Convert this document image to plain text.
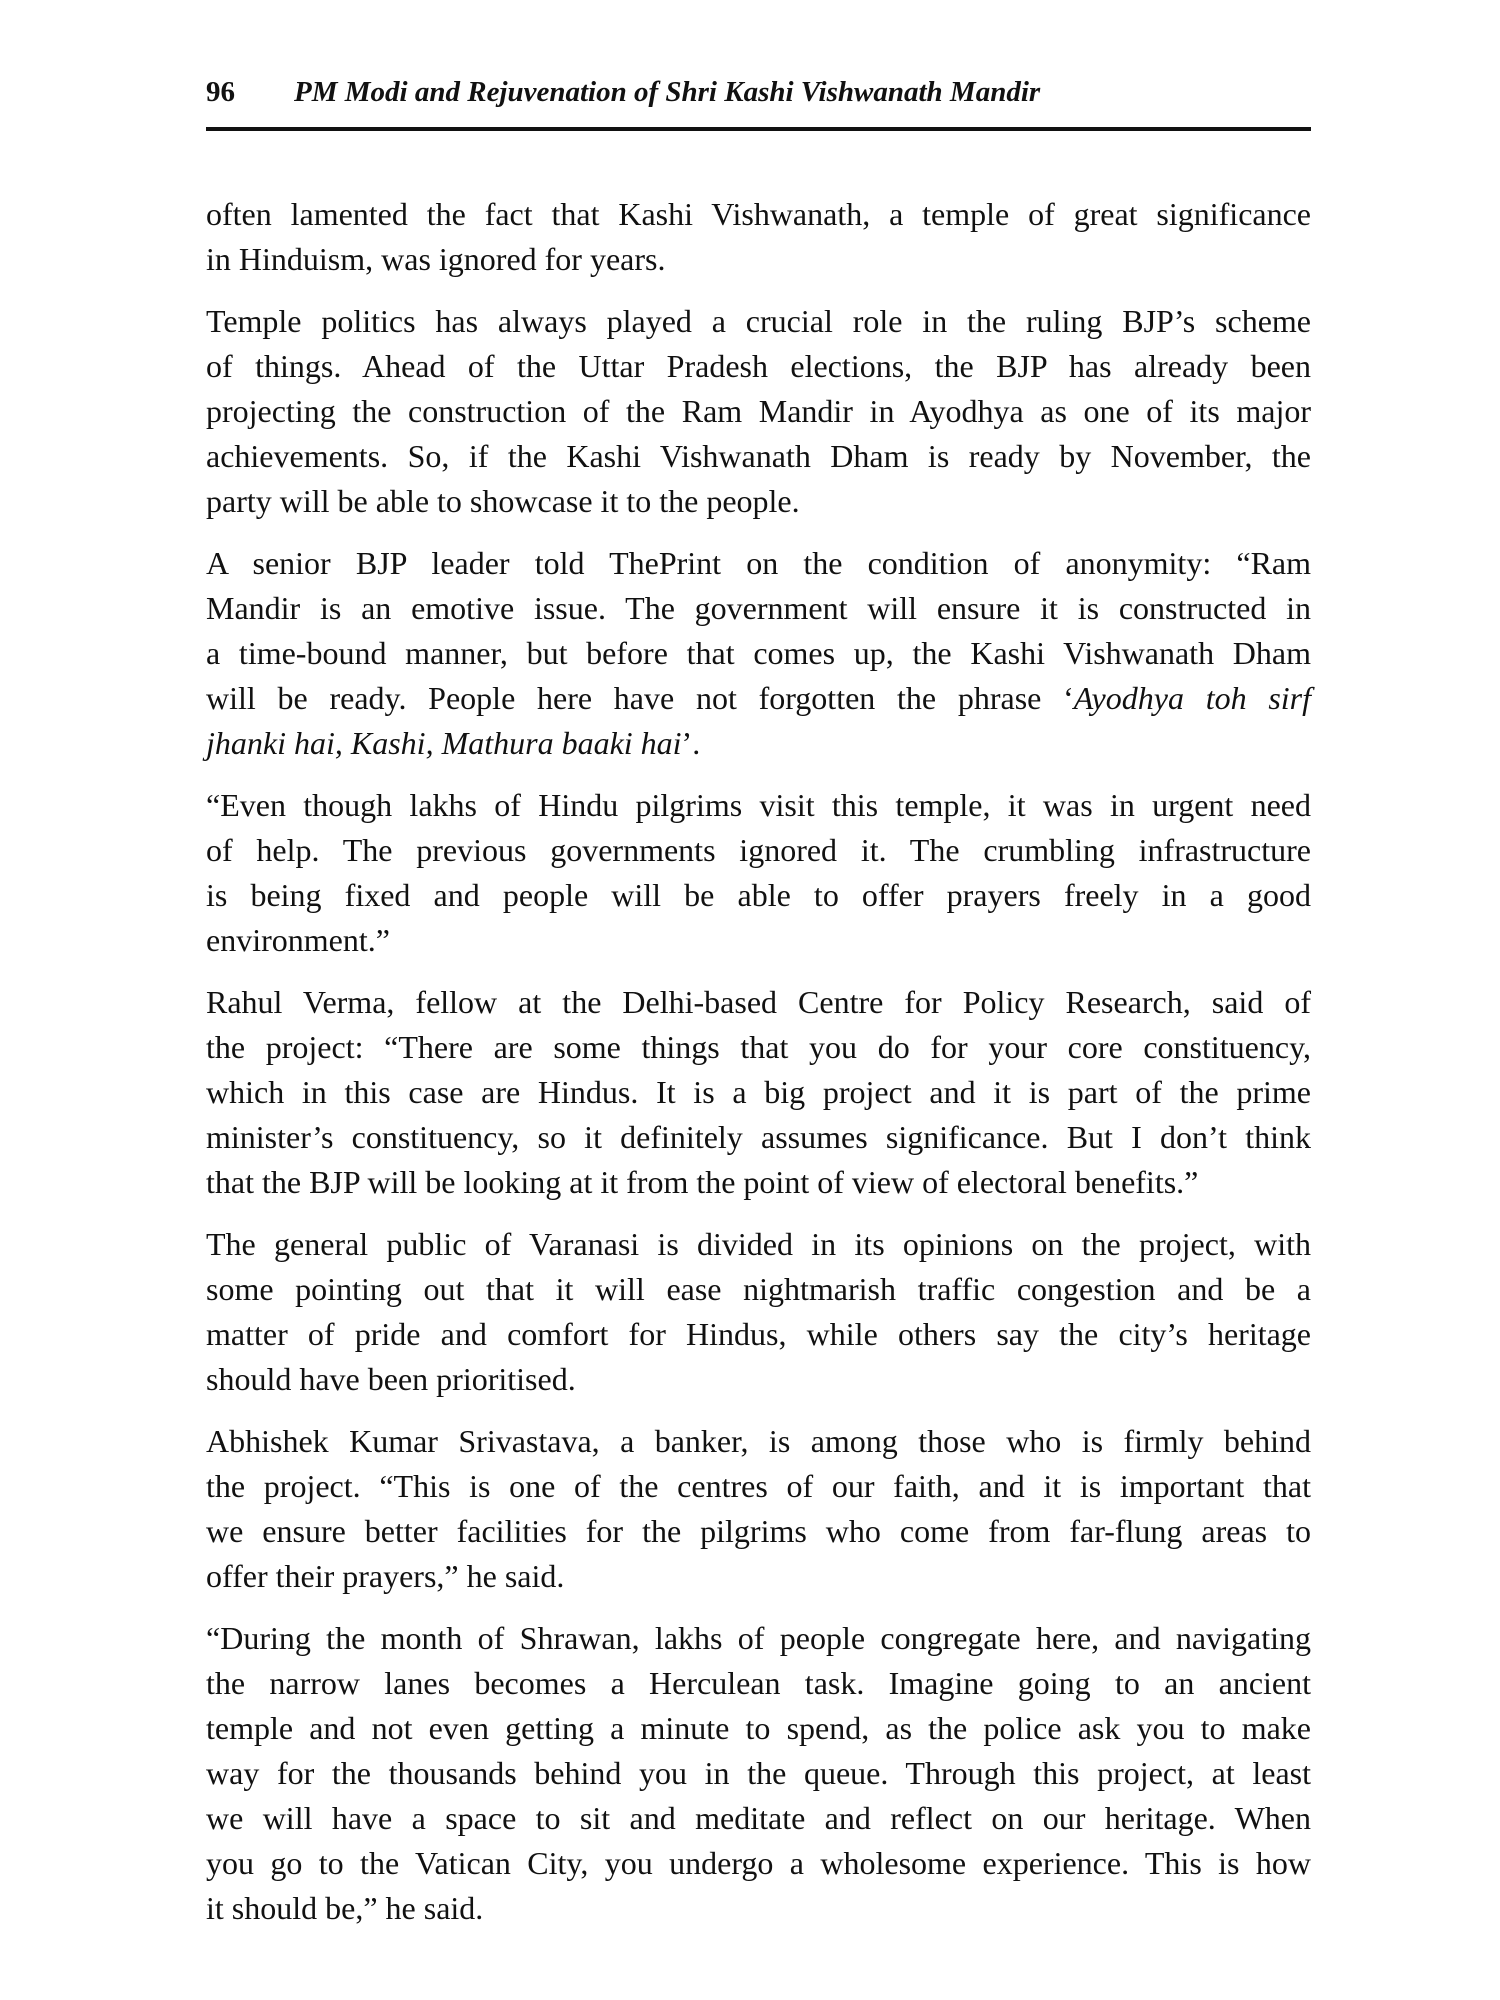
96 PM Modi and Rejuvenation of Shri Kashi Vishwanath Mandir
often lamented the fact that Kashi Vishwanath, a temple of great significance
in Hinduism, was ignored for years.
Temple politics has always played a crucial role in the ruling BJP’s scheme
of things. Ahead of the Uttar Pradesh elections, the BJP has already been
projecting the construction of the Ram Mandir in Ayodhya as one of its major
achievements. So, if the Kashi Vishwanath Dham is ready by November, the
party will be able to showcase it to the people.
A senior BJP leader told ThePrint on the condition of anonymity: “Ram
Mandir is an emotive issue. The government will ensure it is constructed in
a time-bound manner, but before that comes up, the Kashi Vishwanath Dham
will be ready. People here have not forgotten the phrase ‘Ayodhya toh sirf
jhanki hai, Kashi, Mathura baaki hai’.
“Even though lakhs of Hindu pilgrims visit this temple, it was in urgent need
of help. The previous governments ignored it. The crumbling infrastructure
is being fixed and people will be able to offer prayers freely in a good
environment.”
Rahul Verma, fellow at the Delhi-based Centre for Policy Research, said of
the project: “There are some things that you do for your core constituency,
which in this case are Hindus. It is a big project and it is part of the prime
minister’s constituency, so it definitely assumes significance. But I don’t think
that the BJP will be looking at it from the point of view of electoral benefits.”
The general public of Varanasi is divided in its opinions on the project, with
some pointing out that it will ease nightmarish traffic congestion and be a
matter of pride and comfort for Hindus, while others say the city’s heritage
should have been prioritised.
Abhishek Kumar Srivastava, a banker, is among those who is firmly behind
the project. “This is one of the centres of our faith, and it is important that
we ensure better facilities for the pilgrims who come from far-flung areas to
offer their prayers,” he said.
“During the month of Shrawan, lakhs of people congregate here, and navigating
the narrow lanes becomes a Herculean task. Imagine going to an ancient
temple and not even getting a minute to spend, as the police ask you to make
way for the thousands behind you in the queue. Through this project, at least
we will have a space to sit and meditate and reflect on our heritage. When
you go to the Vatican City, you undergo a wholesome experience. This is how
it should be,” he said.
